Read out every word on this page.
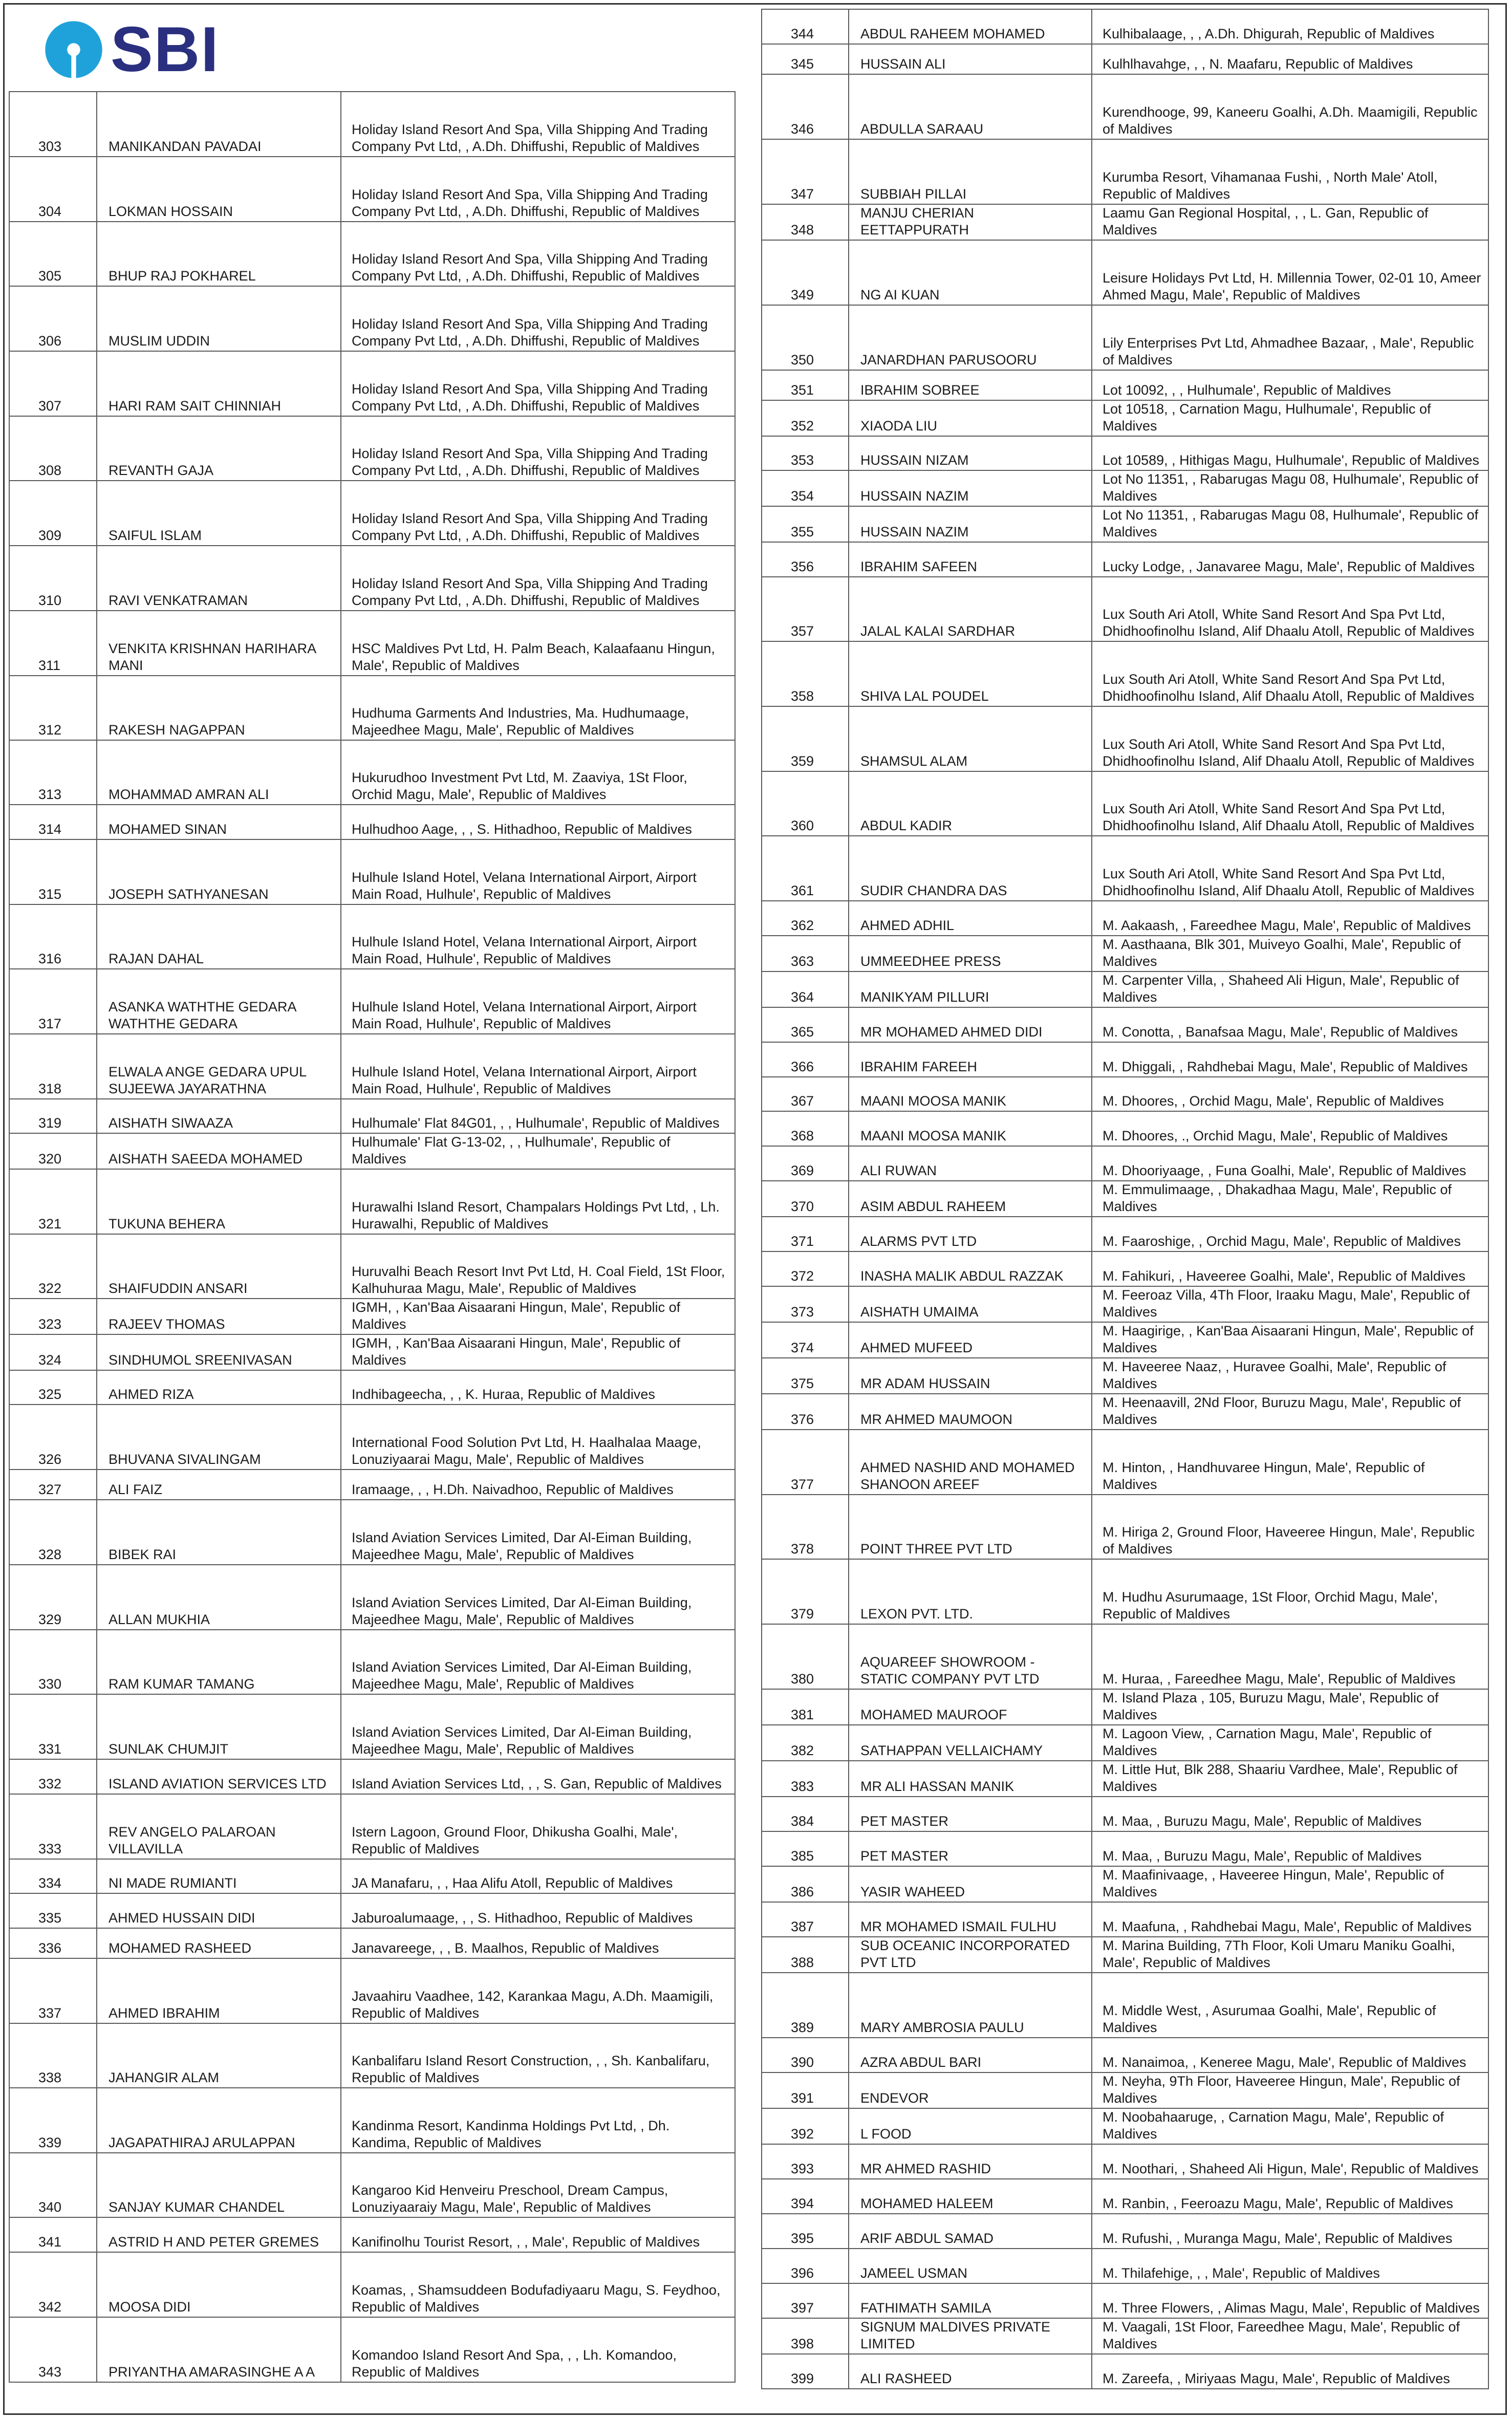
SBI
303	MANIKANDAN PAVADAI	Holiday Island Resort And Spa, Villa Shipping And Trading Company Pvt Ltd, , A.Dh. Dhiffushi, Republic of Maldives
304	LOKMAN HOSSAIN	Holiday Island Resort And Spa, Villa Shipping And Trading Company Pvt Ltd, , A.Dh. Dhiffushi, Republic of Maldives
305	BHUP RAJ POKHAREL	Holiday Island Resort And Spa, Villa Shipping And Trading Company Pvt Ltd, , A.Dh. Dhiffushi, Republic of Maldives
306	MUSLIM UDDIN	Holiday Island Resort And Spa, Villa Shipping And Trading Company Pvt Ltd, , A.Dh. Dhiffushi, Republic of Maldives
307	HARI RAM SAIT CHINNIAH	Holiday Island Resort And Spa, Villa Shipping And Trading Company Pvt Ltd, , A.Dh. Dhiffushi, Republic of Maldives
308	REVANTH GAJA	Holiday Island Resort And Spa, Villa Shipping And Trading Company Pvt Ltd, , A.Dh. Dhiffushi, Republic of Maldives
309	SAIFUL ISLAM	Holiday Island Resort And Spa, Villa Shipping And Trading Company Pvt Ltd, , A.Dh. Dhiffushi, Republic of Maldives
310	RAVI VENKATRAMAN	Holiday Island Resort And Spa, Villa Shipping And Trading Company Pvt Ltd, , A.Dh. Dhiffushi, Republic of Maldives
311	VENKITA KRISHNAN HARIHARA MANI	HSC Maldives Pvt Ltd, H. Palm Beach, Kalaafaanu Hingun, Male', Republic of Maldives
312	RAKESH NAGAPPAN	Hudhuma Garments And Industries, Ma. Hudhumaage, Majeedhee Magu, Male', Republic of Maldives
313	MOHAMMAD AMRAN ALI	Hukurudhoo Investment Pvt Ltd, M. Zaaviya, 1St Floor, Orchid Magu, Male', Republic of Maldives
314	MOHAMED SINAN	Hulhudhoo Aage, , , S. Hithadhoo, Republic of Maldives
315	JOSEPH SATHYANESAN	Hulhule Island Hotel, Velana International Airport, Airport Main Road, Hulhule', Republic of Maldives
316	RAJAN DAHAL	Hulhule Island Hotel, Velana International Airport, Airport Main Road, Hulhule', Republic of Maldives
317	ASANKA WATHTHE GEDARA WATHTHE GEDARA	Hulhule Island Hotel, Velana International Airport, Airport Main Road, Hulhule', Republic of Maldives
318	ELWALA ANGE GEDARA UPUL SUJEEWA JAYARATHNA	Hulhule Island Hotel, Velana International Airport, Airport Main Road, Hulhule', Republic of Maldives
319	AISHATH SIWAAZA	Hulhumale' Flat 84G01, , , Hulhumale', Republic of Maldives
320	AISHATH SAEEDA MOHAMED	Hulhumale' Flat G-13-02, , , Hulhumale', Republic of Maldives
321	TUKUNA BEHERA	Hurawalhi Island Resort, Champalars Holdings Pvt Ltd, , Lh. Hurawalhi, Republic of Maldives
322	SHAIFUDDIN ANSARI	Huruvalhi Beach Resort Invt Pvt Ltd, H. Coal Field, 1St Floor, Kalhuhuraa Magu, Male', Republic of Maldives
323	RAJEEV THOMAS	IGMH, , Kan'Baa Aisaarani Hingun, Male', Republic of Maldives
324	SINDHUMOL SREENIVASAN	IGMH, , Kan'Baa Aisaarani Hingun, Male', Republic of Maldives
325	AHMED RIZA	Indhibageecha, , , K. Huraa, Republic of Maldives
326	BHUVANA SIVALINGAM	International Food Solution Pvt Ltd, H. Haalhalaa Maage, Lonuziyaarai Magu, Male', Republic of Maldives
327	ALI FAIZ	Iramaage, , , H.Dh. Naivadhoo, Republic of Maldives
328	BIBEK RAI	Island Aviation Services Limited, Dar Al-Eiman Building, Majeedhee Magu, Male', Republic of Maldives
329	ALLAN MUKHIA	Island Aviation Services Limited, Dar Al-Eiman Building, Majeedhee Magu, Male', Republic of Maldives
330	RAM KUMAR TAMANG	Island Aviation Services Limited, Dar Al-Eiman Building, Majeedhee Magu, Male', Republic of Maldives
331	SUNLAK CHUMJIT	Island Aviation Services Limited, Dar Al-Eiman Building, Majeedhee Magu, Male', Republic of Maldives
332	ISLAND AVIATION SERVICES LTD	Island Aviation Services Ltd, , , S. Gan, Republic of Maldives
333	REV ANGELO PALAROAN VILLAVILLA	Istern Lagoon, Ground Floor, Dhikusha Goalhi, Male', Republic of Maldives
334	NI MADE RUMIANTI	JA Manafaru, , , Haa Alifu Atoll, Republic of Maldives
335	AHMED HUSSAIN DIDI	Jaburoalumaage, , , S. Hithadhoo, Republic of Maldives
336	MOHAMED RASHEED	Janavareege, , , B. Maalhos, Republic of Maldives
337	AHMED IBRAHIM	Javaahiru Vaadhee, 142, Karankaa Magu, A.Dh. Maamigili, Republic of Maldives
338	JAHANGIR ALAM	Kanbalifaru Island Resort Construction, , , Sh. Kanbalifaru, Republic of Maldives
339	JAGAPATHIRAJ ARULAPPAN	Kandinma Resort, Kandinma Holdings Pvt Ltd, , Dh. Kandima, Republic of Maldives
340	SANJAY KUMAR CHANDEL	Kangaroo Kid Henveiru Preschool, Dream Campus, Lonuziyaaraiy Magu, Male', Republic of Maldives
341	ASTRID H AND PETER GREMES	Kanifinolhu Tourist Resort, , , Male', Republic of Maldives
342	MOOSA DIDI	Koamas, , Shamsuddeen Bodufadiyaaru Magu, S. Feydhoo, Republic of Maldives
343	PRIYANTHA AMARASINGHE A A	Komandoo Island Resort And Spa, , , Lh. Komandoo, Republic of Maldives
344	ABDUL RAHEEM MOHAMED	Kulhibalaage, , , A.Dh. Dhigurah, Republic of Maldives
345	HUSSAIN ALI	Kulhlhavahge, , , N. Maafaru, Republic of Maldives
346	ABDULLA SARAAU	Kurendhooge, 99, Kaneeru Goalhi, A.Dh. Maamigili, Republic of Maldives
347	SUBBIAH PILLAI	Kurumba Resort, Vihamanaa Fushi, , North Male' Atoll, Republic of Maldives
348	MANJU CHERIAN EETTAPPURATH	Laamu Gan Regional Hospital, , , L. Gan, Republic of Maldives
349	NG AI KUAN	Leisure Holidays Pvt Ltd, H. Millennia Tower, 02-01 10, Ameer Ahmed Magu, Male', Republic of Maldives
350	JANARDHAN PARUSOORU	Lily Enterprises Pvt Ltd, Ahmadhee Bazaar, , Male', Republic of Maldives
351	IBRAHIM SOBREE	Lot 10092, , , Hulhumale', Republic of Maldives
352	XIAODA LIU	Lot 10518, , Carnation Magu, Hulhumale', Republic of Maldives
353	HUSSAIN NIZAM	Lot 10589, , Hithigas Magu, Hulhumale', Republic of Maldives
354	HUSSAIN NAZIM	Lot No 11351, , Rabarugas Magu 08, Hulhumale', Republic of Maldives
355	HUSSAIN NAZIM	Lot No 11351, , Rabarugas Magu 08, Hulhumale', Republic of Maldives
356	IBRAHIM SAFEEN	Lucky Lodge, , Janavaree Magu, Male', Republic of Maldives
357	JALAL KALAI SARDHAR	Lux South Ari Atoll, White Sand Resort And Spa Pvt Ltd, Dhidhoofinolhu Island, Alif Dhaalu Atoll, Republic of Maldives
358	SHIVA LAL POUDEL	Lux South Ari Atoll, White Sand Resort And Spa Pvt Ltd, Dhidhoofinolhu Island, Alif Dhaalu Atoll, Republic of Maldives
359	SHAMSUL ALAM	Lux South Ari Atoll, White Sand Resort And Spa Pvt Ltd, Dhidhoofinolhu Island, Alif Dhaalu Atoll, Republic of Maldives
360	ABDUL KADIR	Lux South Ari Atoll, White Sand Resort And Spa Pvt Ltd, Dhidhoofinolhu Island, Alif Dhaalu Atoll, Republic of Maldives
361	SUDIR CHANDRA DAS	Lux South Ari Atoll, White Sand Resort And Spa Pvt Ltd, Dhidhoofinolhu Island, Alif Dhaalu Atoll, Republic of Maldives
362	AHMED ADHIL	M. Aakaash, , Fareedhee Magu, Male', Republic of Maldives
363	UMMEEDHEE PRESS	M. Aasthaana, Blk 301, Muiveyo Goalhi, Male', Republic of Maldives
364	MANIKYAM PILLURI	M. Carpenter Villa, , Shaheed Ali Higun, Male', Republic of Maldives
365	MR MOHAMED AHMED DIDI	M. Conotta, , Banafsaa Magu, Male', Republic of Maldives
366	IBRAHIM FAREEH	M. Dhiggali, , Rahdhebai Magu, Male', Republic of Maldives
367	MAANI MOOSA MANIK	M. Dhoores, , Orchid Magu, Male', Republic of Maldives
368	MAANI MOOSA MANIK	M. Dhoores, ., Orchid Magu, Male', Republic of Maldives
369	ALI RUWAN	M. Dhooriyaage, , Funa Goalhi, Male', Republic of Maldives
370	ASIM ABDUL RAHEEM	M. Emmulimaage, , Dhakadhaa Magu, Male', Republic of Maldives
371	ALARMS PVT LTD	M. Faaroshige, , Orchid Magu, Male', Republic of Maldives
372	INASHA MALIK ABDUL RAZZAK	M. Fahikuri, , Haveeree Goalhi, Male', Republic of Maldives
373	AISHATH UMAIMA	M. Feeroaz Villa, 4Th Floor, Iraaku Magu, Male', Republic of Maldives
374	AHMED MUFEED	M. Haagirige, , Kan'Baa Aisaarani Hingun, Male', Republic of Maldives
375	MR ADAM HUSSAIN	M. Haveeree Naaz, , Huravee Goalhi, Male', Republic of Maldives
376	MR AHMED MAUMOON	M. Heenaavill, 2Nd Floor, Buruzu Magu, Male', Republic of Maldives
377	AHMED NASHID AND MOHAMED SHANOON AREEF	M. Hinton, , Handhuvaree Hingun, Male', Republic of Maldives
378	POINT THREE PVT LTD	M. Hiriga 2, Ground Floor, Haveeree Hingun, Male', Republic of Maldives
379	LEXON PVT. LTD.	M. Hudhu Asurumaage, 1St Floor, Orchid Magu, Male', Republic of Maldives
380	AQUAREEF SHOWROOM - STATIC COMPANY PVT LTD	M. Huraa, , Fareedhee Magu, Male', Republic of Maldives
381	MOHAMED MAUROOF	M. Island Plaza , 105, Buruzu Magu, Male', Republic of Maldives
382	SATHAPPAN VELLAICHAMY	M. Lagoon View, , Carnation Magu, Male', Republic of Maldives
383	MR ALI HASSAN MANIK	M. Little Hut, Blk 288, Shaariu Vardhee, Male', Republic of Maldives
384	PET MASTER	M. Maa, , Buruzu Magu, Male', Republic of Maldives
385	PET MASTER	M. Maa, , Buruzu Magu, Male', Republic of Maldives
386	YASIR WAHEED	M. Maafinivaage, , Haveeree Hingun, Male', Republic of Maldives
387	MR MOHAMED ISMAIL FULHU	M. Maafuna, , Rahdhebai Magu, Male', Republic of Maldives
388	SUB OCEANIC INCORPORATED PVT LTD	M. Marina Building, 7Th Floor, Koli Umaru Maniku Goalhi, Male', Republic of Maldives
389	MARY AMBROSIA PAULU	M. Middle West, , Asurumaa Goalhi, Male', Republic of Maldives
390	AZRA ABDUL BARI	M. Nanaimoa, , Keneree Magu, Male', Republic of Maldives
391	ENDEVOR	M. Neyha, 9Th Floor, Haveeree Hingun, Male', Republic of Maldives
392	L FOOD	M. Noobahaaruge, , Carnation Magu, Male', Republic of Maldives
393	MR AHMED RASHID	M. Noothari, , Shaheed Ali Higun, Male', Republic of Maldives
394	MOHAMED HALEEM	M. Ranbin, , Feeroazu Magu, Male', Republic of Maldives
395	ARIF ABDUL SAMAD	M. Rufushi, , Muranga Magu, Male', Republic of Maldives
396	JAMEEL USMAN	M. Thilafehige, , , Male', Republic of Maldives
397	FATHIMATH SAMILA	M. Three Flowers, , Alimas Magu, Male', Republic of Maldives
398	SIGNUM MALDIVES PRIVATE LIMITED	M. Vaagali, 1St Floor, Fareedhee Magu, Male', Republic of Maldives
399	ALI RASHEED	M. Zareefa, , Miriyaas Magu, Male', Republic of Maldives
